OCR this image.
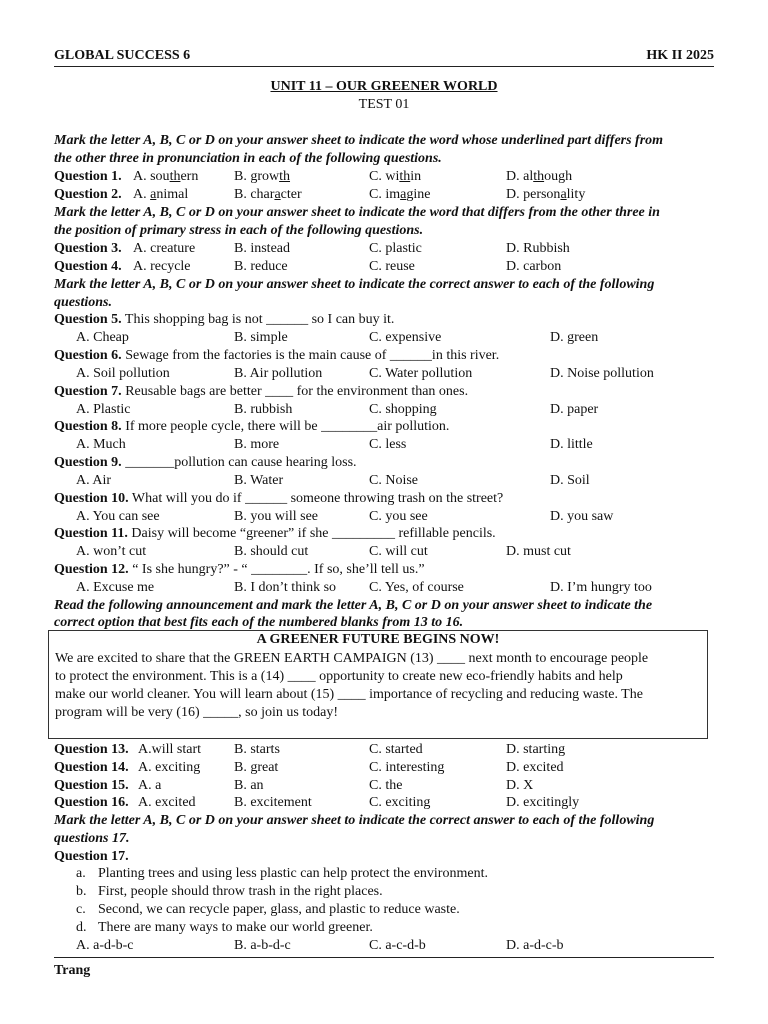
GLOBAL SUCCESS 6	HK II 2025
UNIT 11 – OUR GREENER WORLD
TEST 01
Mark the letter A, B, C or D on your answer sheet to indicate the word whose underlined part differs from
the other three in pronunciation in each of the following questions.
Question 1. A. southern	B. growth	C. within	D. although
Question 2. A. animal	B. character	C. imagine	D. personality
Mark the letter A, B, C or D on your answer sheet to indicate the word that differs from the other three in
the position of primary stress in each of the following questions.
Question 3. A. creature	B. instead	C. plastic	D. Rubbish
Question 4. A. recycle	B. reduce	C. reuse	D. carbon
Mark the letter A, B, C or D on your answer sheet to indicate the correct answer to each of the following
questions.
Question 5. This shopping bag is not ______ so I can buy it.
A. Cheap	B. simple	C. expensive	D. green
Question 6. Sewage from the factories is the main cause of ______in this river.
A. Soil pollution	B. Air pollution	C. Water pollution	D. Noise pollution
Question 7. Reusable bags are better ____ for the environment than ones.
A. Plastic	B. rubbish	C. shopping	D. paper
Question 8. If more people cycle, there will be ________air pollution.
A. Much	B. more	C. less	D. little
Question 9. _______pollution can cause hearing loss.
A. Air	B. Water	C. Noise	D. Soil
Question 10. What will you do if ______ someone throwing trash on the street?
A. You can see	B. you will see	C. you see	D. you saw
Question 11. Daisy will become “greener” if she _________ refillable pencils.
A. won’t cut	B. should cut	C. will cut	D. must cut
Question 12. “ Is she hungry?” - “ ________. If so, she’ll tell us.”
A. Excuse me	B. I don’t think so C. Yes, of course	D. I’m hungry too
Read the following announcement and mark the letter A, B, C or D on your answer sheet to indicate the
correct option that best fits each of the numbered blanks from 13 to 16.
A GREENER FUTURE BEGINS NOW!
We are excited to share that the GREEN EARTH CAMPAIGN (13) ____ next month to encourage people
to protect the environment. This is a (14) ____ opportunity to create new eco-friendly habits and help
make our world cleaner. You will learn about (15) ____ importance of recycling and reducing waste. The
program will be very (16) _____, so join us today!
Question 13. A.will start B. starts	C. started	D. starting
Question 14. A. exciting B. great	C. interesting	D. excited
Question 15. A. a	B. an	C. the	D. X
Question 16. A. excited	B. excitement	C. exciting	D. excitingly
Mark the letter A, B, C or D on your answer sheet to indicate the correct answer to each of the following
questions 17.
Question 17.
a. Planting trees and using less plastic can help protect the environment.
b. First, people should throw trash in the right places.
c. Second, we can recycle paper, glass, and plastic to reduce waste.
d. There are many ways to make our world greener.
A. a-d-b-c	B. a-b-d-c	C. a-c-d-b	D. a-d-c-b
Trang
